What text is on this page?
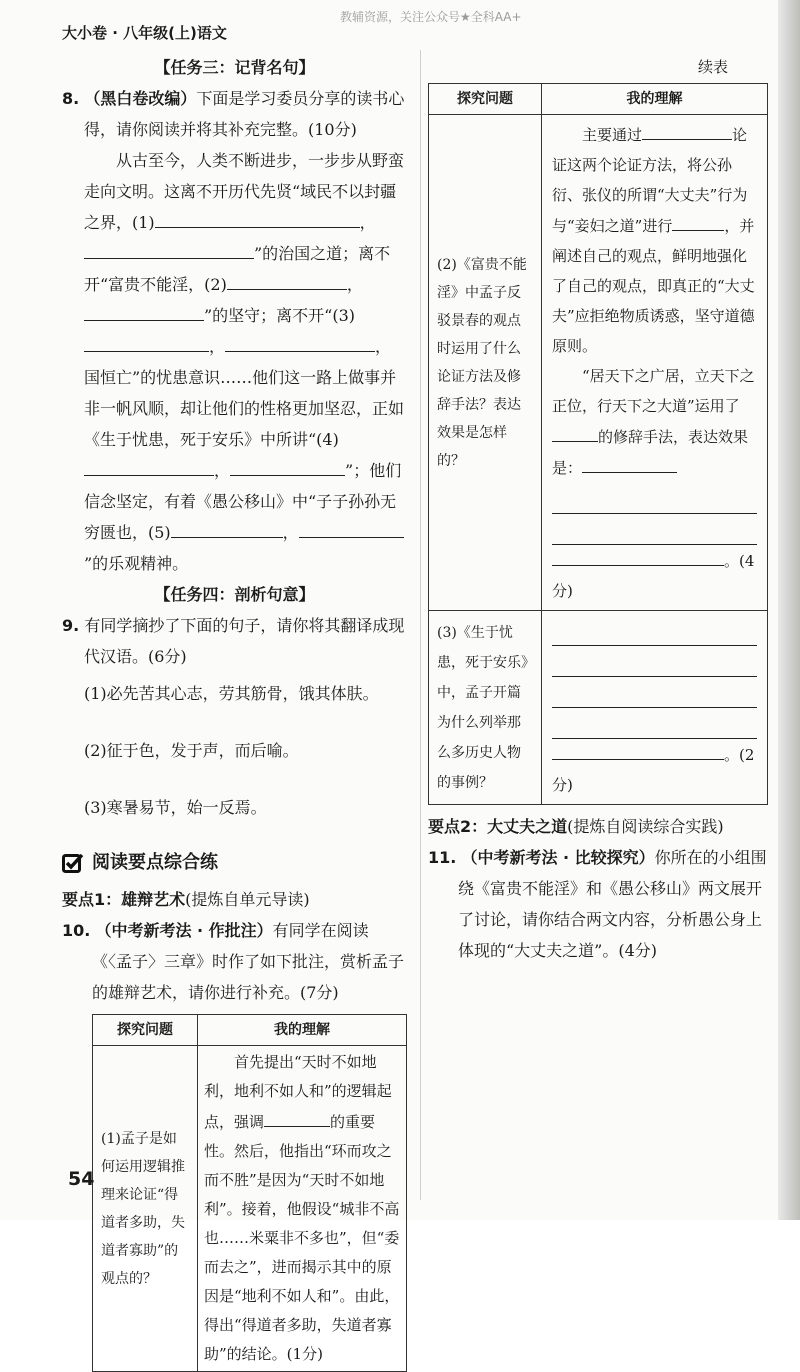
教辅资源，关注公众号★全科AA+
大小卷 · 八年级(上)语文
【任务三：记背名句】
8. （黑白卷改编）下面是学习委员分享的读书心得，请你阅读并将其补充完整。(10分)
从古至今，人类不断进步，一步步从野蛮走向文明。这离不开历代先贤“域民不以封疆之界，(1)	，”的治国之道；离不开“富贵不能淫，(2)	，”的坚守；离不开“(3)，	，国恒亡”的忧患意识……他们这一路上做事并非一帆风顺，却让他们的性格更加坚忍，正如《生于忧患，死于安乐》中所讲“(4)，	”；他们信念坚定，有着《愚公移山》中“子子孙孙无穷匮也，(5)	，”的乐观精神。
【任务四：剖析句意】
9. 有同学摘抄了下面的句子，请你将其翻译成现代汉语。(6分)
(1)必先苦其心志，劳其筋骨，饿其体肤。
(2)征于色，发于声，而后喻。
(3)寒暑易节，始一反焉。
阅读要点综合练
要点1：雄辩艺术(提炼自单元导读)
10. （中考新考法 · 作批注）有同学在阅读《〈孟子〉三章》时作了如下批注，赏析孟子的雄辩艺术，请你进行补充。(7分)
探究问题	我的理解
(1)孟子是如何运用逻辑推理来论证“得道者多助，失道者寡助”的观点的？	首先提出“天时不如地利，地利不如人和”的逻辑起点，强调 的重要性。然后，他指出“环而攻之而不胜”是因为“天时不如地利”。接着，他假设“城非不高也……米粟非不多也”，但“委而去之”，进而揭示其中的原因是“地利不如人和”。由此，得出“得道者多助，失道者寡助”的结论。(1分)
续表
探究问题	我的理解
(2)《富贵不能淫》中孟子反驳景春的观点时运用了什么论证方法及修辞手法？表达效果是怎样的？	主要通过 论证这两个论证方法，将公孙衍、张仪的所谓“大丈夫”行为与“妾妇之道”进行 ，并阐述自己的观点，鲜明地强化了自己的观点，即真正的“大丈夫”应拒绝物质诱惑，坚守道德原则。
“居天下之广居，立天下之正位，行天下之大道”运用了的修辞手法，表达效果是：
。(4分)

(3)《生于忧患，死于安乐》中，孟子开篇为什么列举那么多历史人物的事例？	。(2分)
要点2：大丈夫之道(提炼自阅读综合实践)
11. （中考新考法 · 比较探究）你所在的小组围绕《富贵不能淫》和《愚公移山》两文展开了讨论，请你结合两文内容，分析愚公身上体现的“大丈夫之道”。(4分)
54
